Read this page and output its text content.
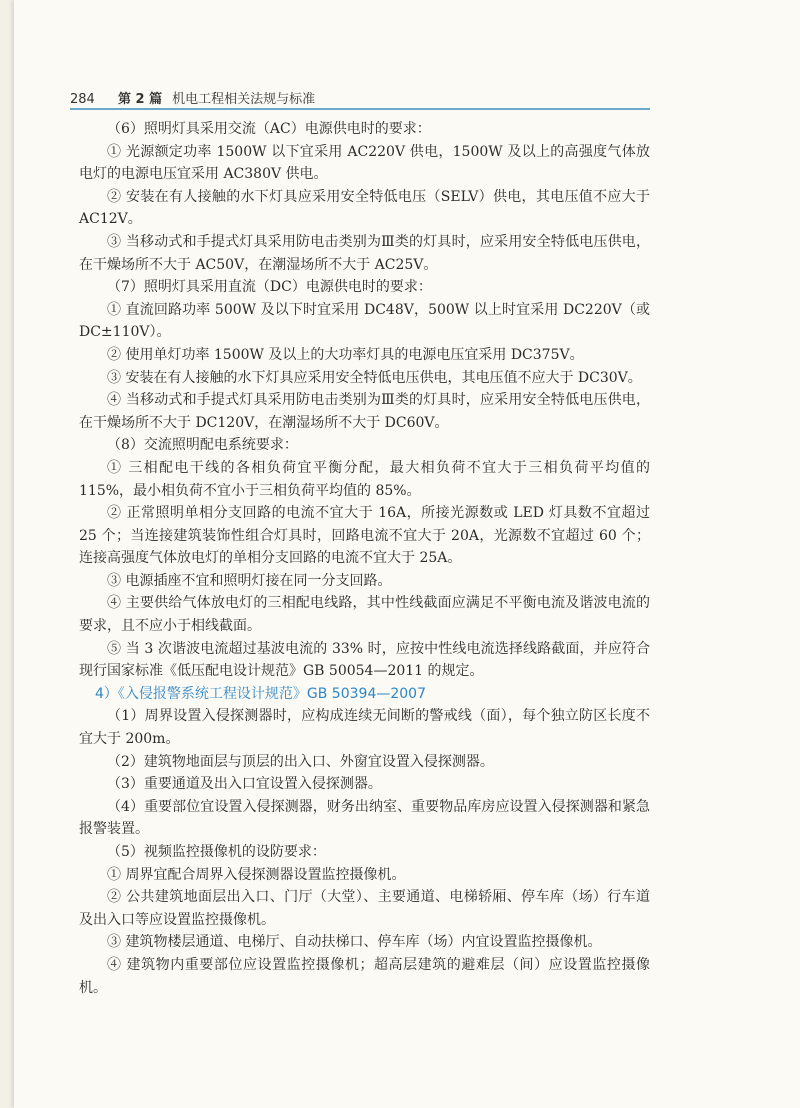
284 第 2 篇 机电工程相关法规与标准

（6）照明灯具采用交流（AC）电源供电时的要求：

① 光源额定功率 1500W 以下宜采用 AC220V 供电，1500W 及以上的高强度气体放电灯的电源电压宜采用 AC380V 供电。

② 安装在有人接触的水下灯具应采用安全特低电压（SELV）供电，其电压值不应大于 AC12V。

③ 当移动式和手提式灯具采用防电击类别为Ⅲ类的灯具时，应采用安全特低电压供电，在干燥场所不大于 AC50V，在潮湿场所不大于 AC25V。

（7）照明灯具采用直流（DC）电源供电时的要求：

① 直流回路功率 500W 及以下时宜采用 DC48V，500W 以上时宜采用 DC220V（或 DC±110V）。

② 使用单灯功率 1500W 及以上的大功率灯具的电源电压宜采用 DC375V。

③ 安装在有人接触的水下灯具应采用安全特低电压供电，其电压值不应大于 DC30V。

④ 当移动式和手提式灯具采用防电击类别为Ⅲ类的灯具时，应采用安全特低电压供电，在干燥场所不大于 DC120V，在潮湿场所不大于 DC60V。

（8）交流照明配电系统要求：

① 三相配电干线的各相负荷宜平衡分配，最大相负荷不宜大于三相负荷平均值的 115%，最小相负荷不宜小于三相负荷平均值的 85%。

② 正常照明单相分支回路的电流不宜大于 16A，所接光源数或 LED 灯具数不宜超过 25 个；当连接建筑装饰性组合灯具时，回路电流不宜大于 20A，光源数不宜超过 60 个；连接高强度气体放电灯的单相分支回路的电流不宜大于 25A。

③ 电源插座不宜和照明灯接在同一分支回路。

④ 主要供给气体放电灯的三相配电线路，其中性线截面应满足不平衡电流及谐波电流的要求，且不应小于相线截面。

⑤ 当 3 次谐波电流超过基波电流的 33% 时，应按中性线电流选择线路截面，并应符合现行国家标准《低压配电设计规范》GB 50054—2011 的规定。

4）《入侵报警系统工程设计规范》GB 50394—2007

（1）周界设置入侵探测器时，应构成连续无间断的警戒线（面），每个独立防区长度不宜大于 200m。

（2）建筑物地面层与顶层的出入口、外窗宜设置入侵探测器。

（3）重要通道及出入口宜设置入侵探测器。

（4）重要部位宜设置入侵探测器，财务出纳室、重要物品库房应设置入侵探测器和紧急报警装置。

（5）视频监控摄像机的设防要求：

① 周界宜配合周界入侵探测器设置监控摄像机。

② 公共建筑地面层出入口、门厅（大堂）、主要通道、电梯轿厢、停车库（场）行车道及出入口等应设置监控摄像机。

③ 建筑物楼层通道、电梯厅、自动扶梯口、停车库（场）内宜设置监控摄像机。

④ 建筑物内重要部位应设置监控摄像机；超高层建筑的避难层（间）应设置监控摄像机。
